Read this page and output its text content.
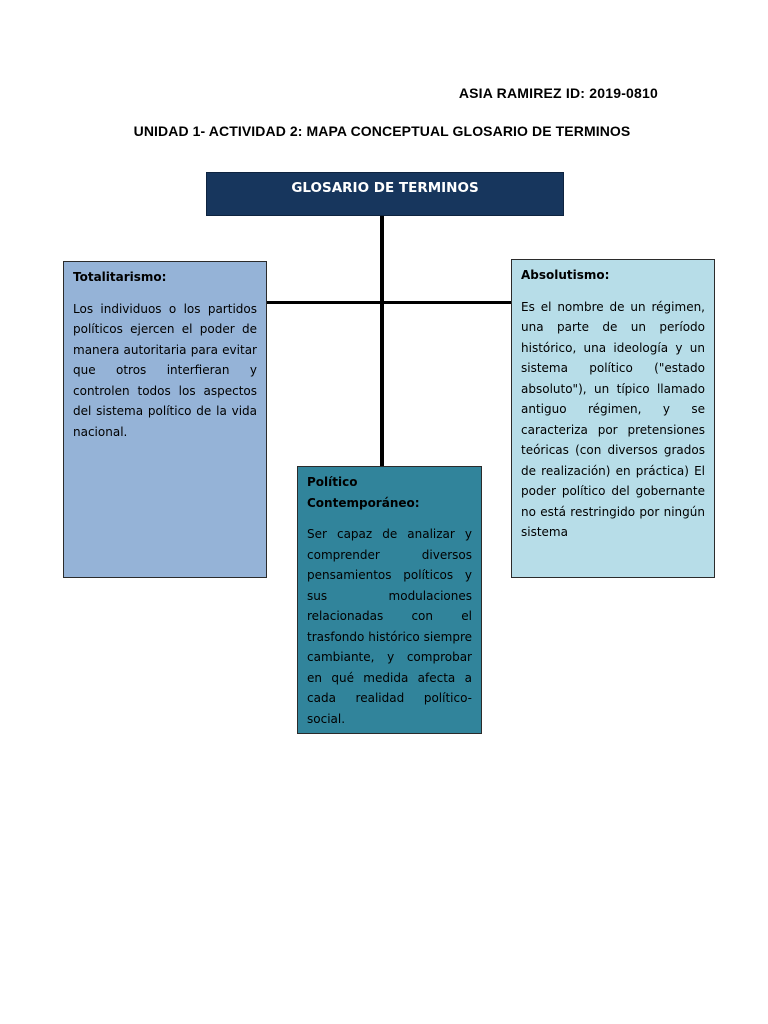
ASIA RAMIREZ ID: 2019-0810
UNIDAD 1- ACTIVIDAD 2: MAPA CONCEPTUAL GLOSARIO DE TERMINOS
GLOSARIO DE TERMINOS

Totalitarismo:

Los individuos o los partidos políticos ejercen el poder de manera autoritaria para evitar que otros interfieran y controlen todos los aspectos del sistema político de la vida nacional.

Absolutismo:

Es el nombre de un régimen, una parte de un período histórico, una ideología y un sistema político ("estado absoluto"), un típico llamado antiguo régimen, y se caracteriza por pretensiones teóricas (con diversos grados de realización) en práctica) El poder político del gobernante no está restringido por ningún sistema

Político Contemporáneo:

Ser capaz de analizar y comprender diversos pensamientos políticos y sus modulaciones relacionadas con el trasfondo histórico siempre cambiante, y comprobar en qué medida afecta a cada realidad político-social.
